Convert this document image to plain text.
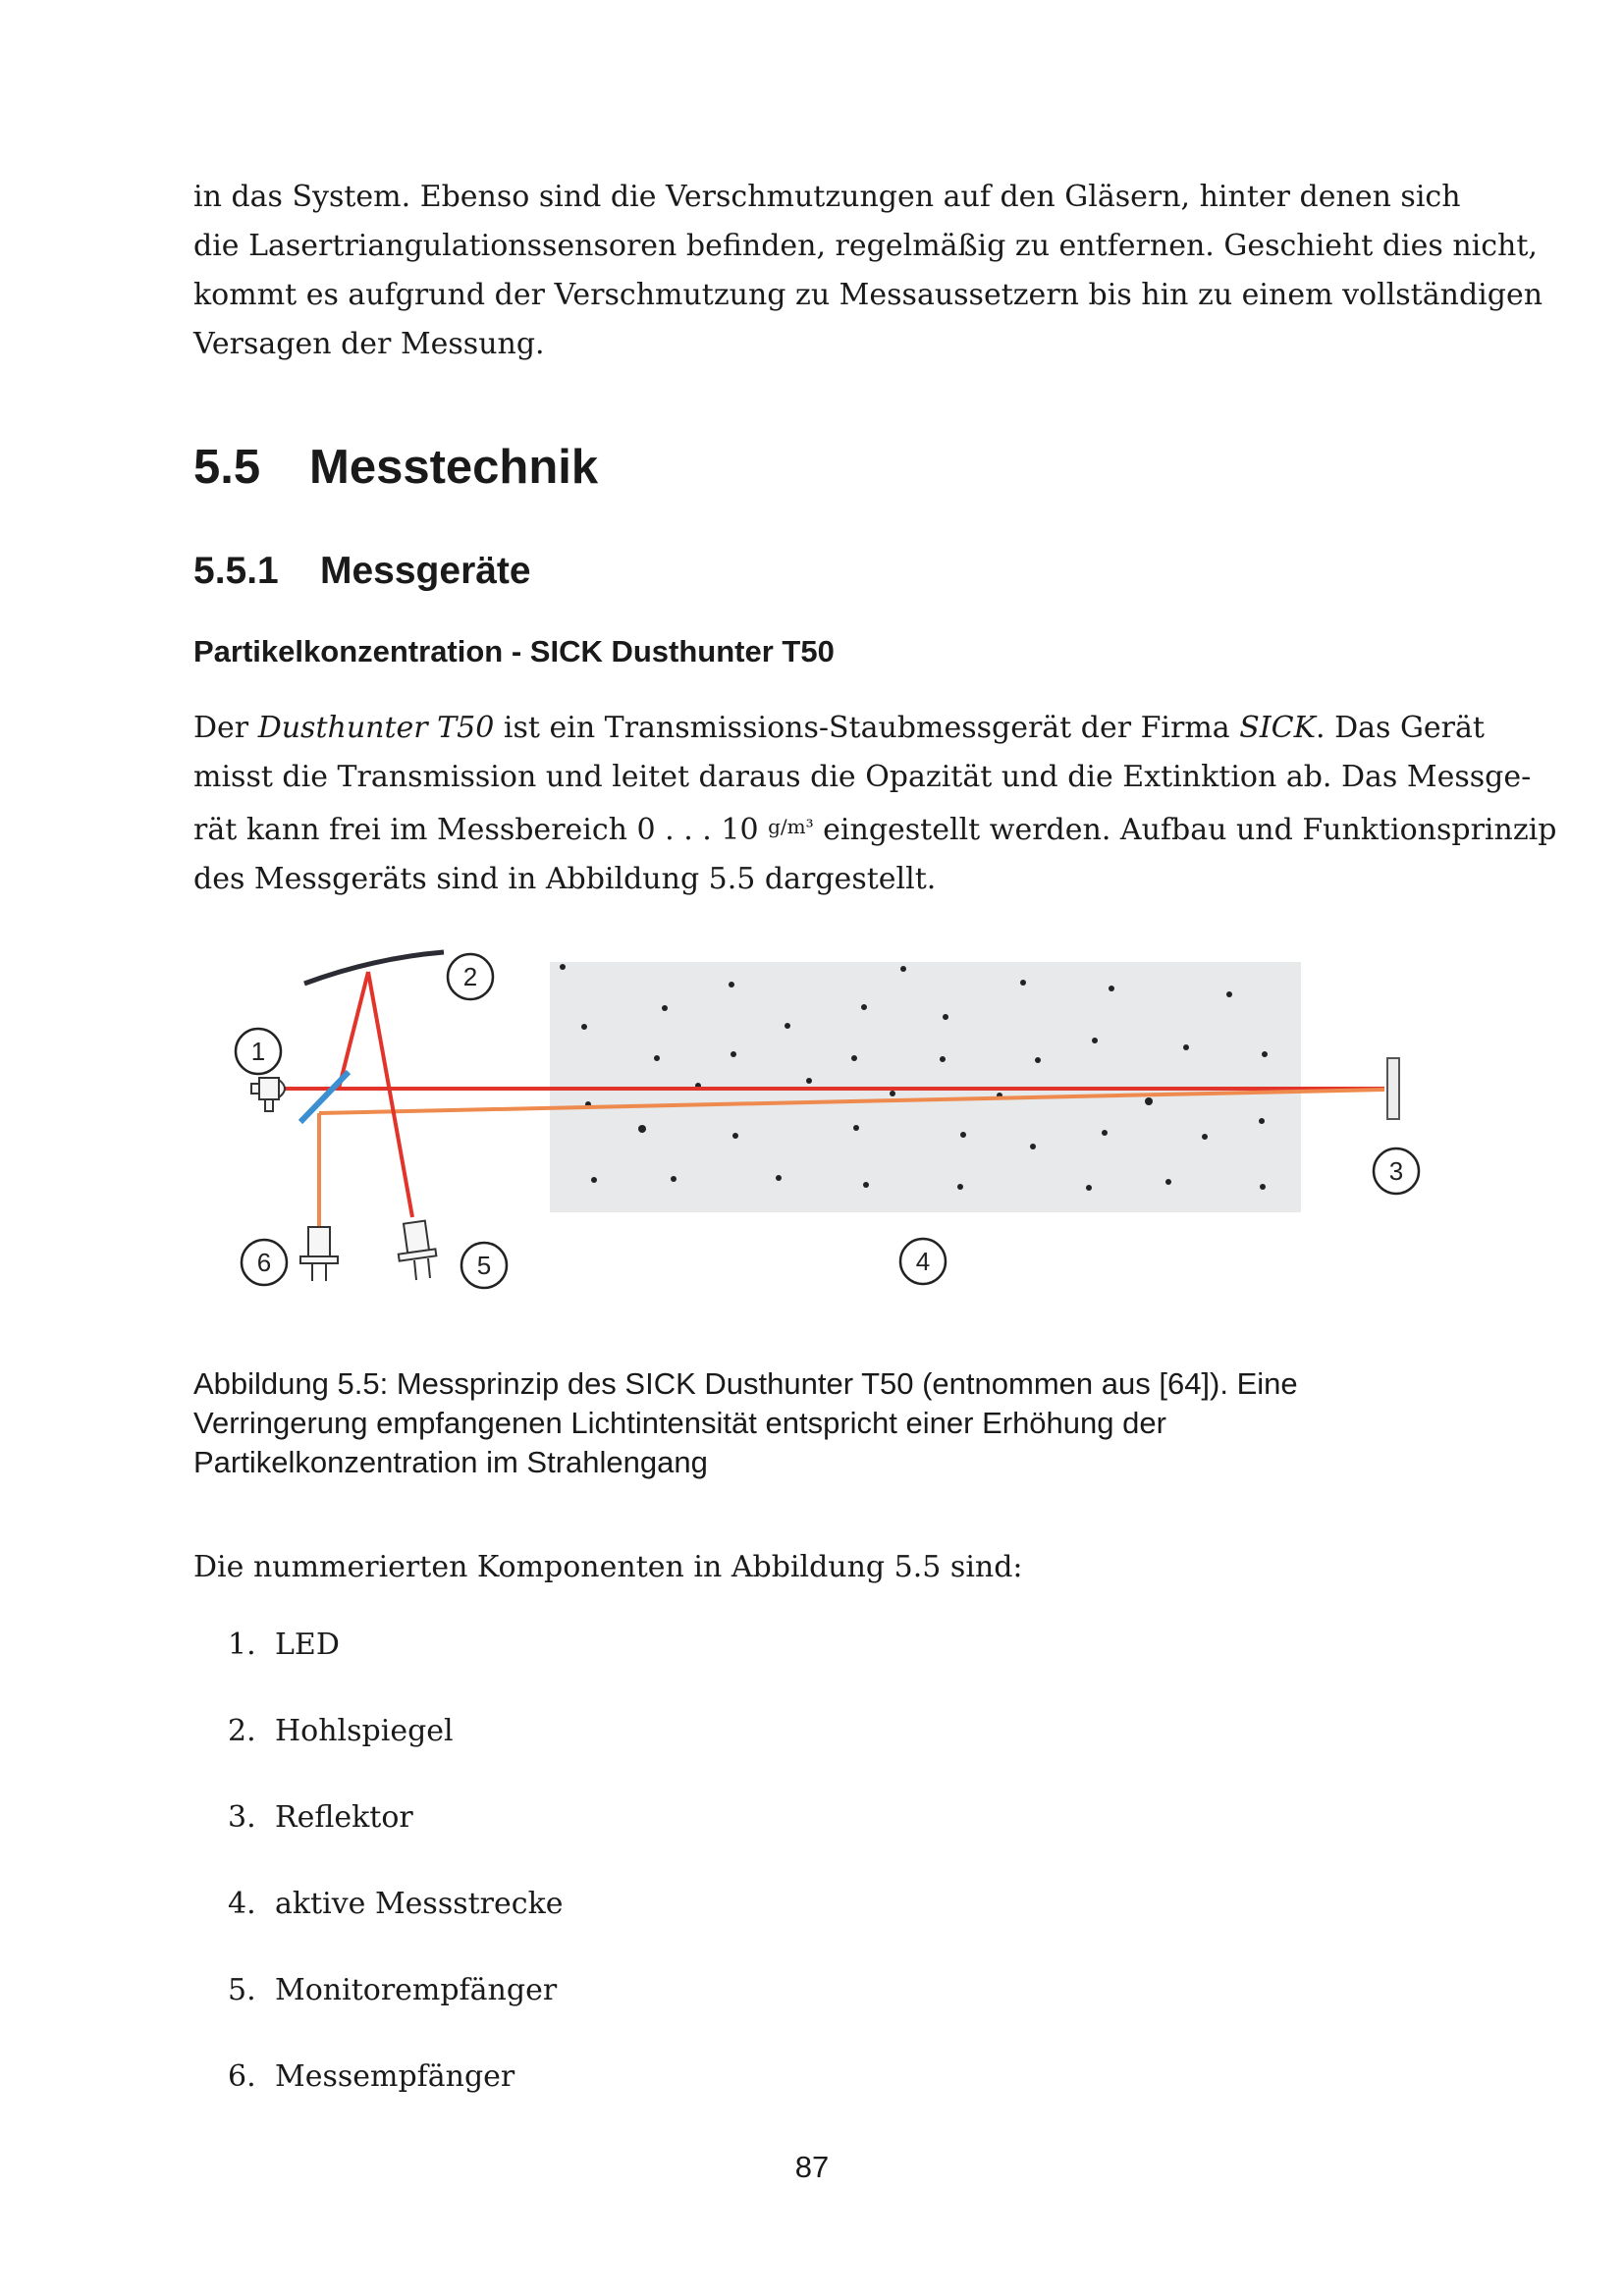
in das System. Ebenso sind die Verschmutzungen auf den Gläsern, hinter denen sich
die Lasertriangulationssensoren befinden, regelmäßig zu entfernen. Geschieht dies nicht,
kommt es aufgrund der Verschmutzung zu Messaussetzern bis hin zu einem vollständigen
Versagen der Messung.
5.5 Messtechnik
5.5.1 Messgeräte
Partikelkonzentration - SICK Dusthunter T50
Der Dusthunter T50 ist ein Transmissions-Staubmessgerät der Firma SICK. Das Gerät
misst die Transmission und leitet daraus die Opazität und die Extinktion ab. Das Messge-
rät kann frei im Messbereich 0 . . . 10 $^{g/m^3}$ eingestellt werden. Aufbau und Funktionsprinzip
des Messgeräts sind in Abbildung 5.5 dargestellt.
1
2
3
4
5
6
Abbildung 5.5: Messprinzip des SICK Dusthunter T50 (entnommen aus [64]). Eine
Verringerung empfangenen Lichtintensität entspricht einer Erhöhung der
Partikelkonzentration im Strahlengang

Die nummerierten Komponenten in Abbildung 5.5 sind:

1. LED
2. Hohlspiegel
3. Reflektor
4. aktive Messstrecke
5. Monitorempfänger
6. Messempfänger
87
